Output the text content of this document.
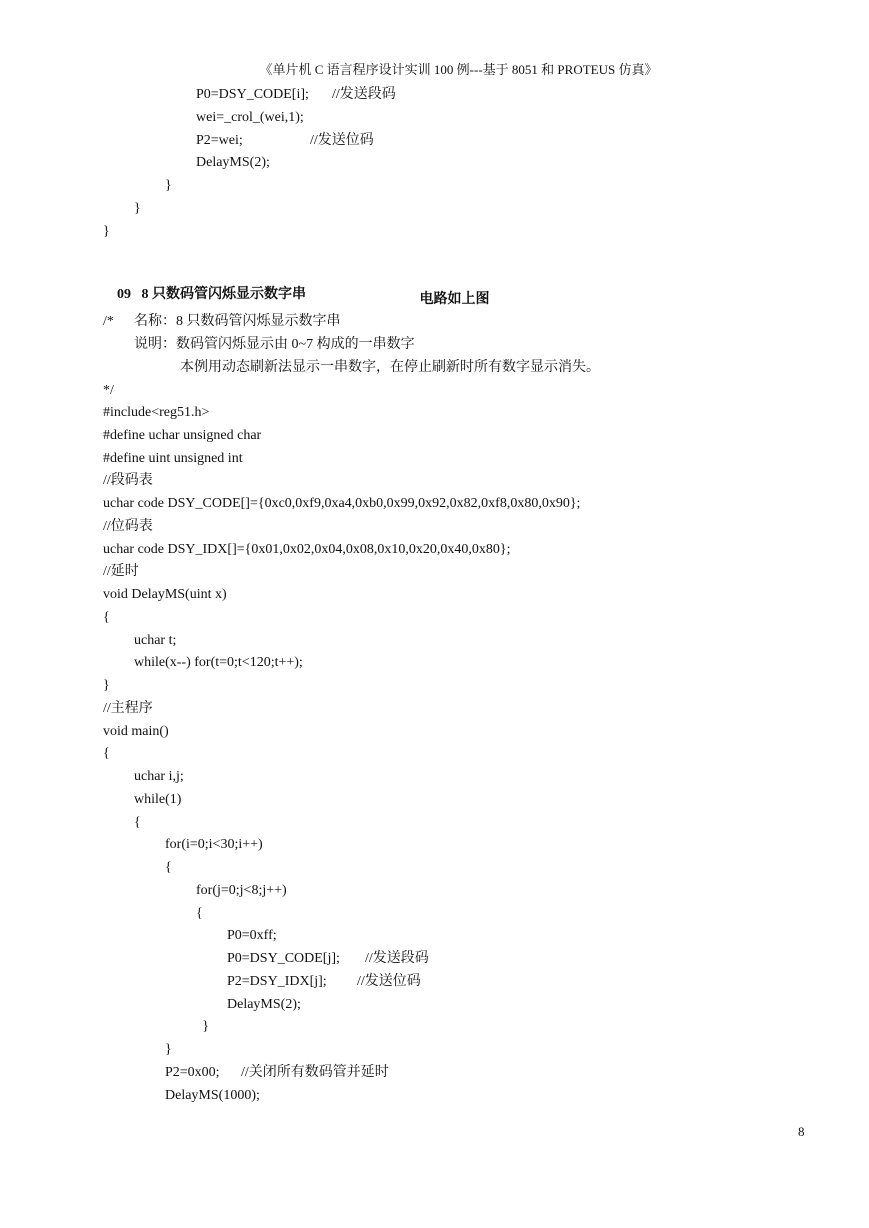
《单片机 C 语言程序设计实训 100 例---基于 8051 和 PROTEUS 仿真》
P0=DSY_CODE[i]; //发送段码
wei=_crol_(wei,1);
P2=wei;	//发送位码
DelayMS(2);
}
}
}

09 8 只数码管闪烁显示数字串
	电路如上图
/* 名称：8 只数码管闪烁显示数字串
说明：数码管闪烁显示由 0~7 构成的一串数字
本例用动态刷新法显示一串数字，在停止刷新时所有数字显示消失。
*/
#include<reg51.h>
#define uchar unsigned char
#define uint unsigned int
//段码表
uchar code DSY_CODE[]={0xc0,0xf9,0xa4,0xb0,0x99,0x92,0x82,0xf8,0x80,0x90};
//位码表
uchar code DSY_IDX[]={0x01,0x02,0x04,0x08,0x10,0x20,0x40,0x80};
//延时
void DelayMS(uint x)
{
uchar t;
while(x--) for(t=0;t<120;t++);
}
//主程序
void main()
{
uchar i,j;
while(1)
{
for(i=0;i<30;i++)
{
for(j=0;j<8;j++)
{
P0=0xff;
P0=DSY_CODE[j]; //发送段码
P2=DSY_IDX[j]; //发送位码
DelayMS(2);
}
}
P2=0x00; //关闭所有数码管并延时
DelayMS(1000);
8
